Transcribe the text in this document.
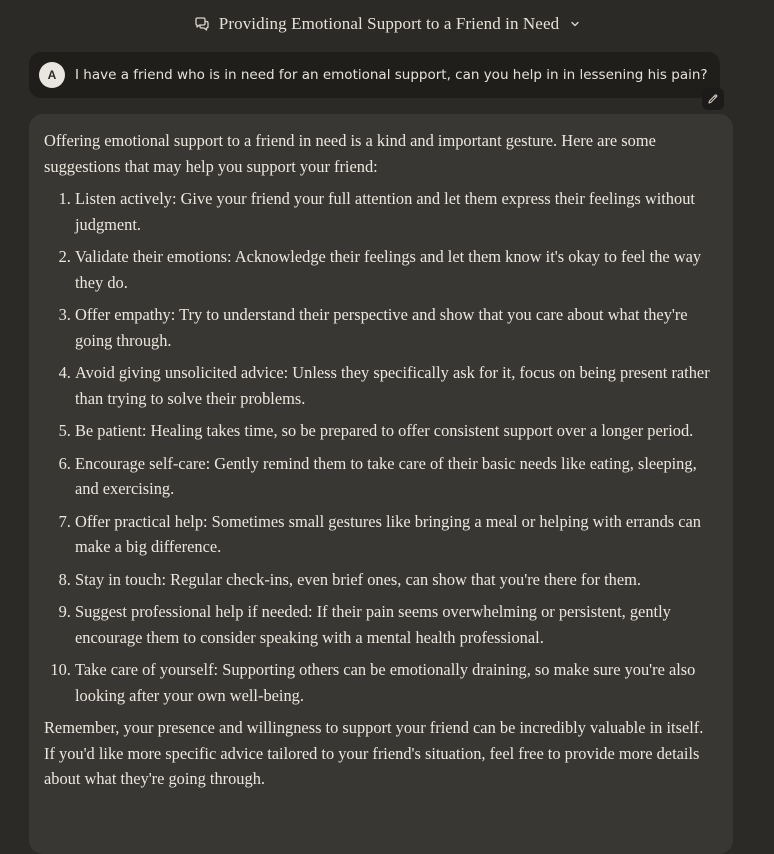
Providing Emotional Support to a Friend in Need
A	I have a friend who is in need for an emotional support, can you help in in lessening his pain?

Offering emotional support to a friend in need is a kind and important gesture. Here are some suggestions that may help you support your friend:

1. Listen actively: Give your friend your full attention and let them express their feelings without judgment.
2. Validate their emotions: Acknowledge their feelings and let them know it's okay to feel the way they do.
3. Offer empathy: Try to understand their perspective and show that you care about what they're going through.
4. Avoid giving unsolicited advice: Unless they specifically ask for it, focus on being present rather than trying to solve their problems.
5. Be patient: Healing takes time, so be prepared to offer consistent support over a longer period.
6. Encourage self-care: Gently remind them to take care of their basic needs like eating, sleeping, and exercising.
7. Offer practical help: Sometimes small gestures like bringing a meal or helping with errands can make a big difference.
8. Stay in touch: Regular check-ins, even brief ones, can show that you're there for them.
9. Suggest professional help if needed: If their pain seems overwhelming or persistent, gently encourage them to consider speaking with a mental health professional.
10. Take care of yourself: Supporting others can be emotionally draining, so make sure you're also looking after your own well-being.

Remember, your presence and willingness to support your friend can be incredibly valuable in itself. If you'd like more specific advice tailored to your friend's situation, feel free to provide more details about what they're going through.
